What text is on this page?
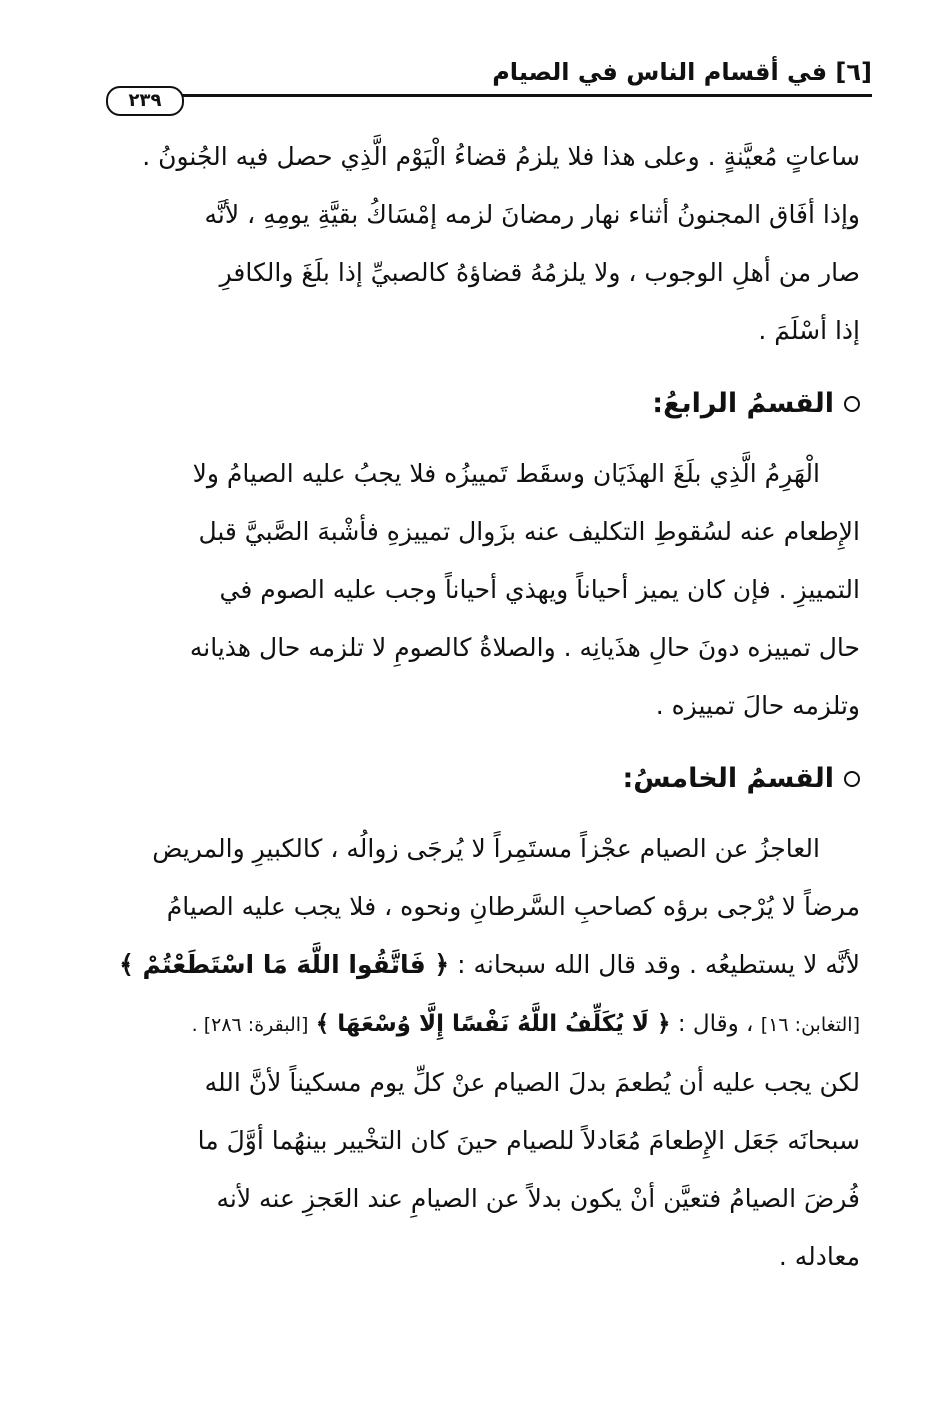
[٦] في أقسام الناس في الصيام
٢٣٩

ساعاتٍ مُعيَّنةٍ . وعلى هذا فلا يلزمُ قضاءُ الْيَوْم الَّذِي حصل فيه الجُنونُ .
وإذا أفَاق المجنونُ أثناء نهار رمضانَ لزمه إمْسَاكُ بقيَّةِ يومِهِ ، لأنَّه
صار من أهلِ الوجوب ، ولا يلزمُهُ قضاؤهُ كالصبيِّ إذا بلَغَ والكافرِ
إذا أسْلَمَ .

القسمُ الرابعُ:

الْهَرِمُ الَّذِي بلَغَ الهذَيَان وسقَط تَمييزُه فلا يجبُ عليه الصيامُ ولا
الإِطعام عنه لسُقوطِ التكليف عنه بزَوال تمييزهِ فأشْبهَ الصَّبيَّ قبل
التمييزِ . فإن كان يميز أحياناً ويهذي أحياناً وجب عليه الصوم في
حال تمييزه دونَ حالِ هذَيانِه . والصلاةُ كالصومِ لا تلزمه حال هذيانه
وتلزمه حالَ تمييزه .

القسمُ الخامسُ:

العاجزُ عن الصيام عجْزاً مستَمِراً لا يُرجَى زوالُه ، كالكبيرِ والمريض
مرضاً لا يُرْجى برؤه كصاحبِ السَّرطانِ ونحوه ، فلا يجب عليه الصيامُ
لأنَّه لا يستطيعُه . وقد قال الله سبحانه : ﴿ فَاتَّقُوا اللَّهَ مَا اسْتَطَعْتُمْ ﴾
[التغابن: ١٦] ، وقال : ﴿ لَا يُكَلِّفُ اللَّهُ نَفْسًا إِلَّا وُسْعَهَا ﴾ [البقرة: ٢٨٦] .
لكن يجب عليه أن يُطعمَ بدلَ الصيام عنْ كلِّ يوم مسكيناً لأنَّ الله
سبحانَه جَعَل الإِطعامَ مُعَادلاً للصيام حينَ كان التخْيير بينهُما أوَّلَ ما
فُرضَ الصيامُ فتعيَّن أنْ يكون بدلاً عن الصيامِ عند العَجزِ عنه لأنه
معادله .
